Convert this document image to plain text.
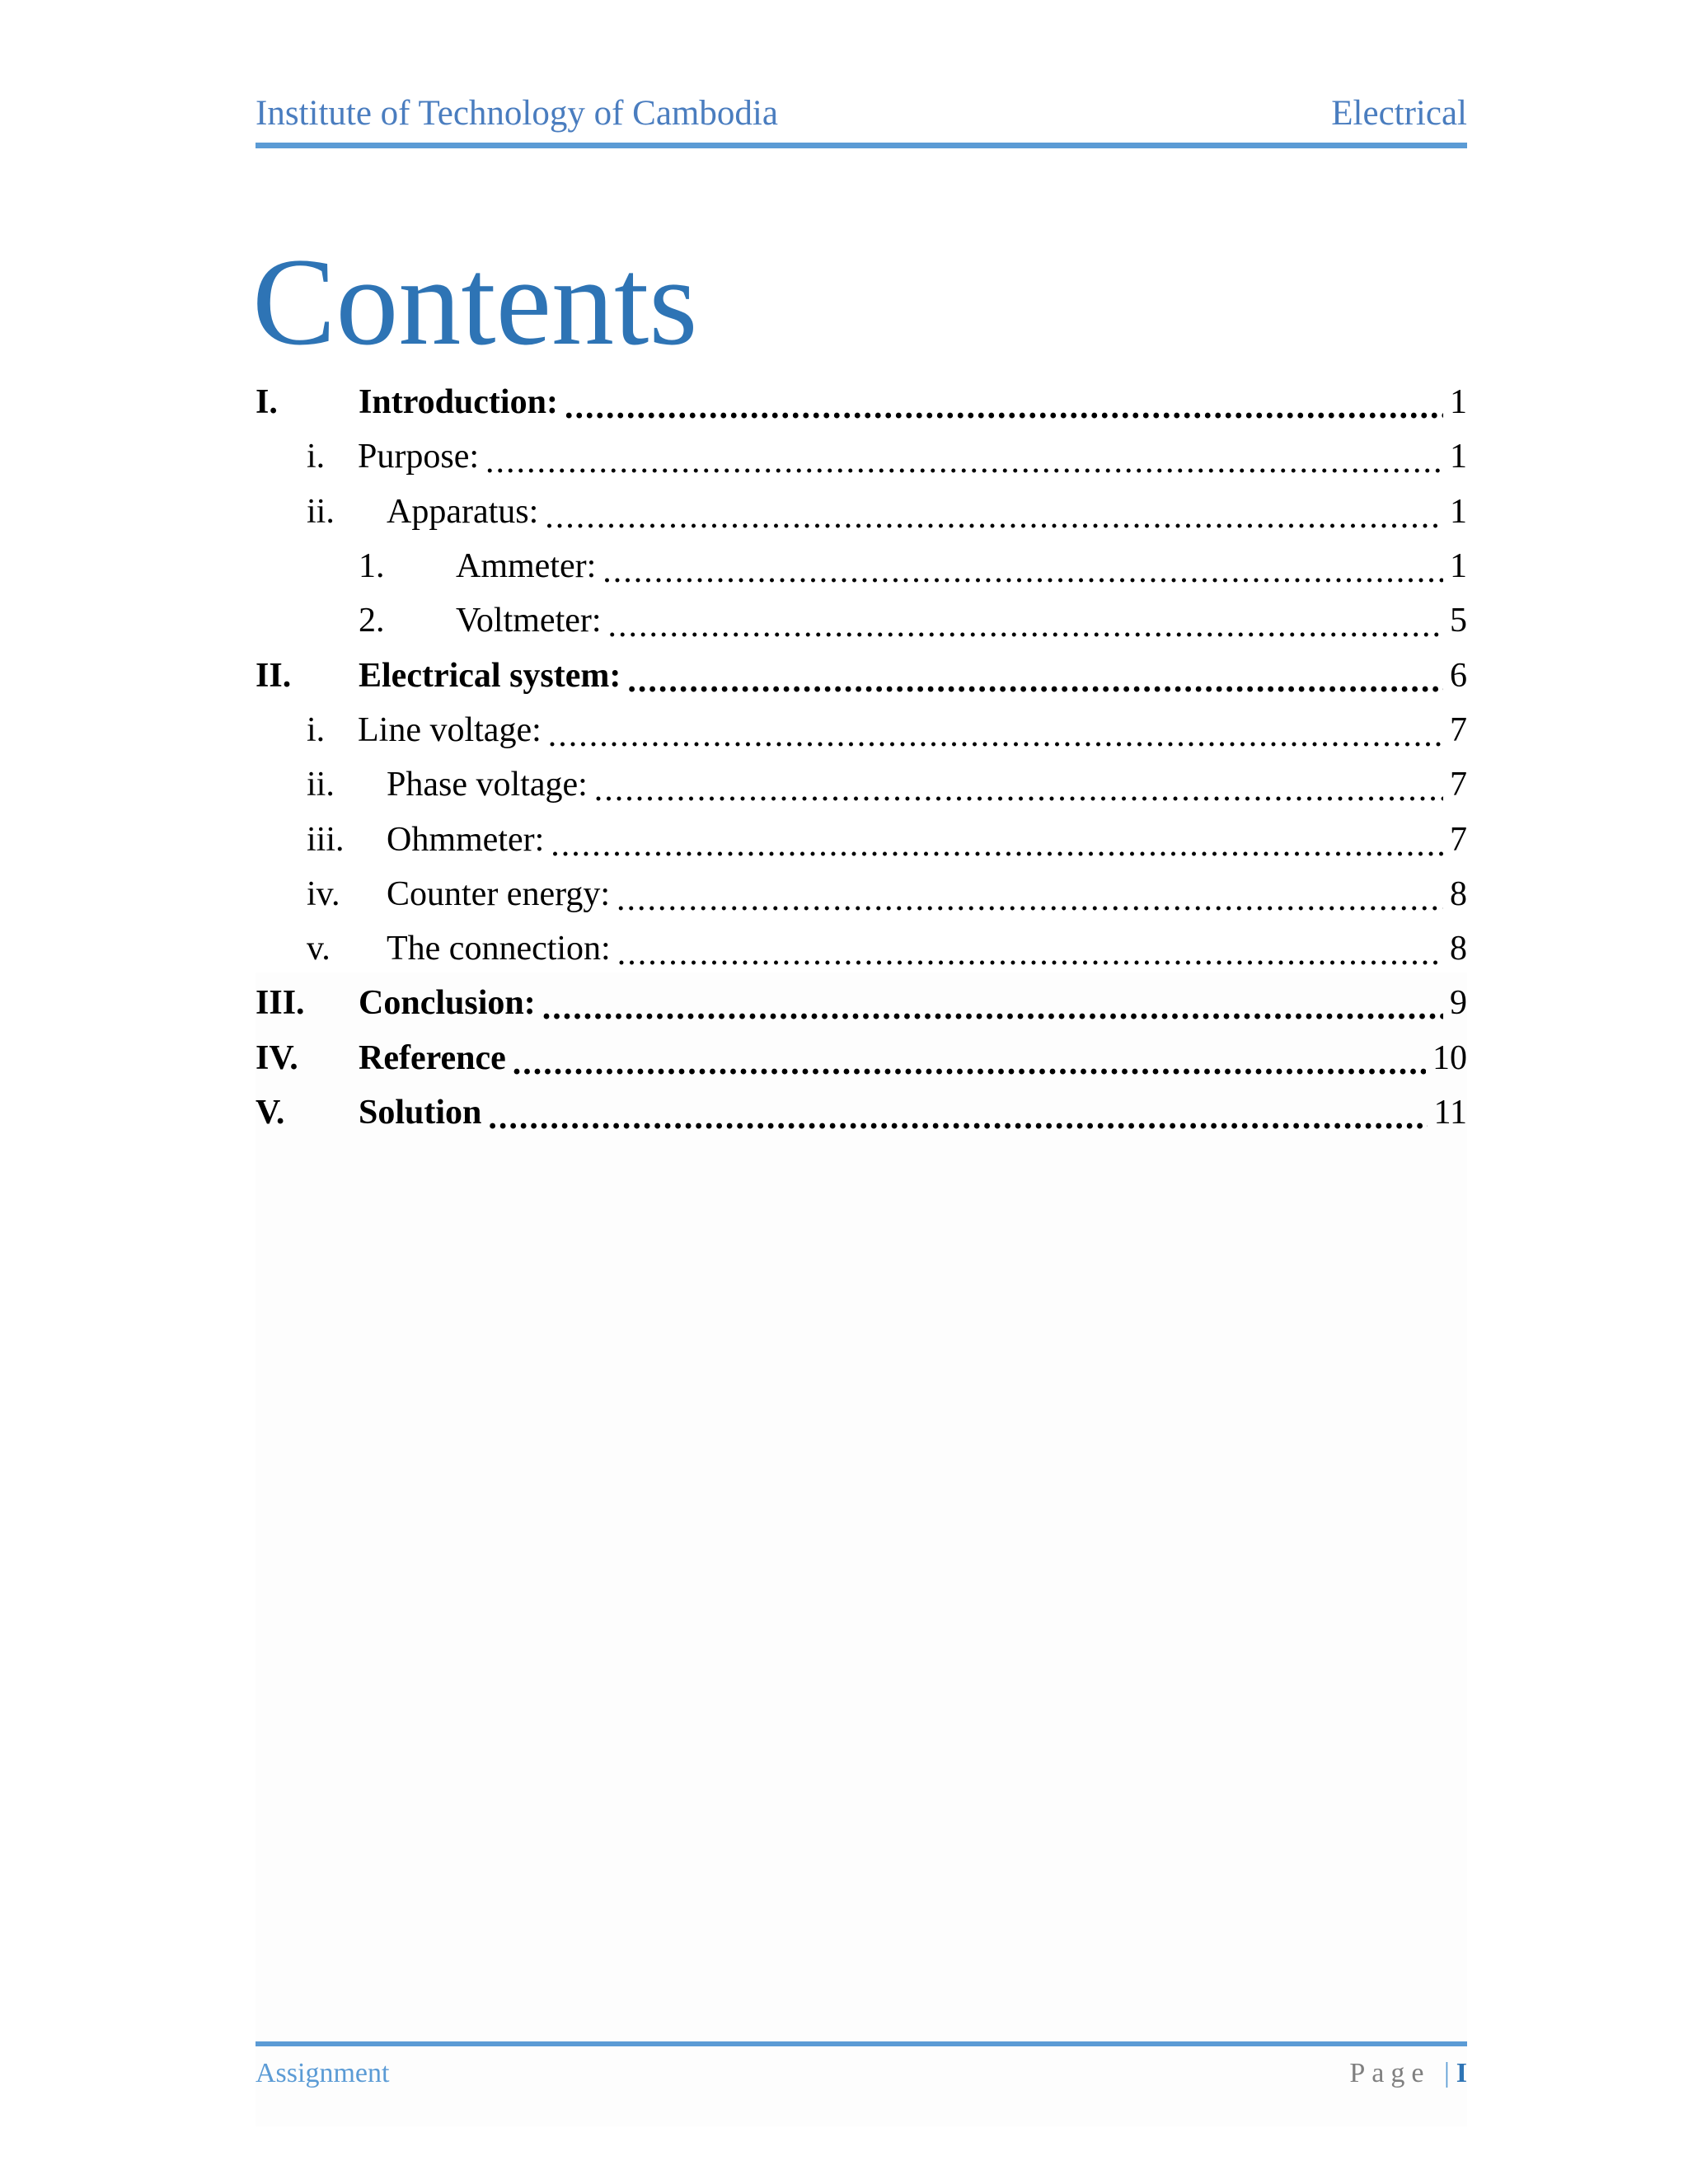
Institute of Technology of Cambodia	Electrical
Contents
I.	Introduction: .....	1
i. Purpose: .....	1
ii.	Apparatus: .....	1
1.	Ammeter: .....	1
2.	Voltmeter: .....	5
II.	Electrical system: .....	6
i. Line voltage: .....	7
ii.	Phase voltage: .....	7
iii.	Ohmmeter: .....	7
iv.	Counter energy: .....	8
v.	The connection: .....	8
III.	Conclusion: .....	9
IV.	Reference .....	10
V.	Solution .....	11
Assignment	Page | I
